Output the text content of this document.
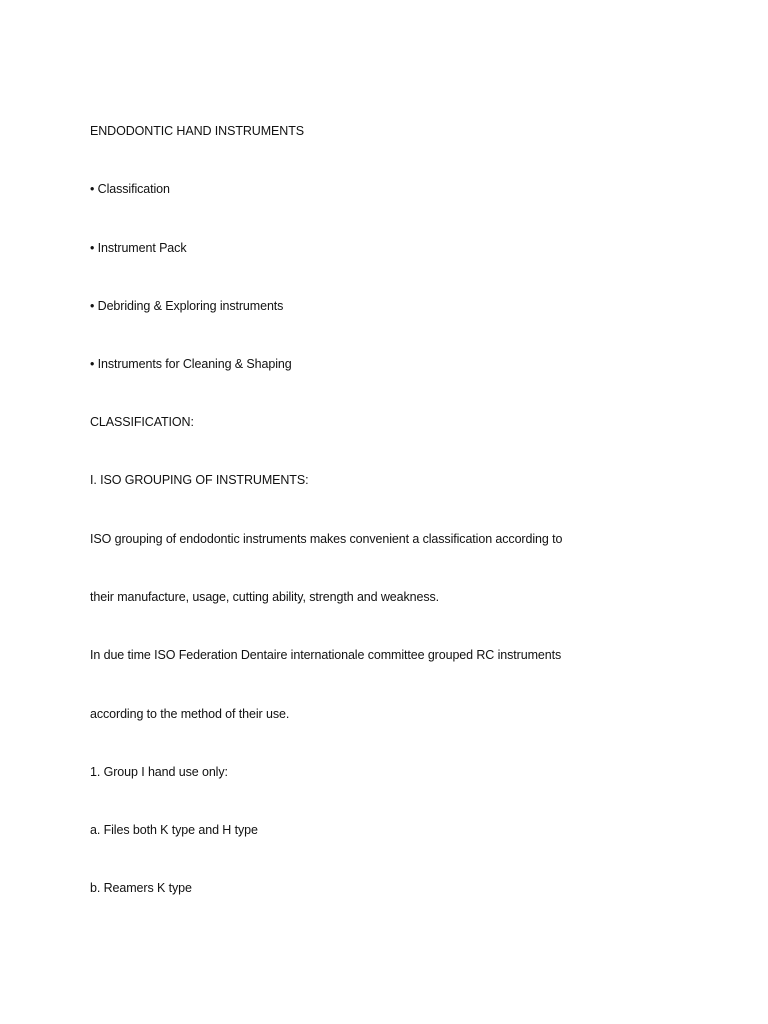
ENDODONTIC HAND INSTRUMENTS
• Classification
• Instrument Pack
• Debriding & Exploring instruments
• Instruments for Cleaning & Shaping
CLASSIFICATION:
I. ISO GROUPING OF INSTRUMENTS:
ISO grouping of endodontic instruments makes convenient a classification according to
their manufacture, usage, cutting ability, strength and weakness.
In due time ISO Federation Dentaire internationale committee grouped RC instruments
according to the method of their use.
1. Group I hand use only:
a. Files both K type and H type
b. Reamers K type
